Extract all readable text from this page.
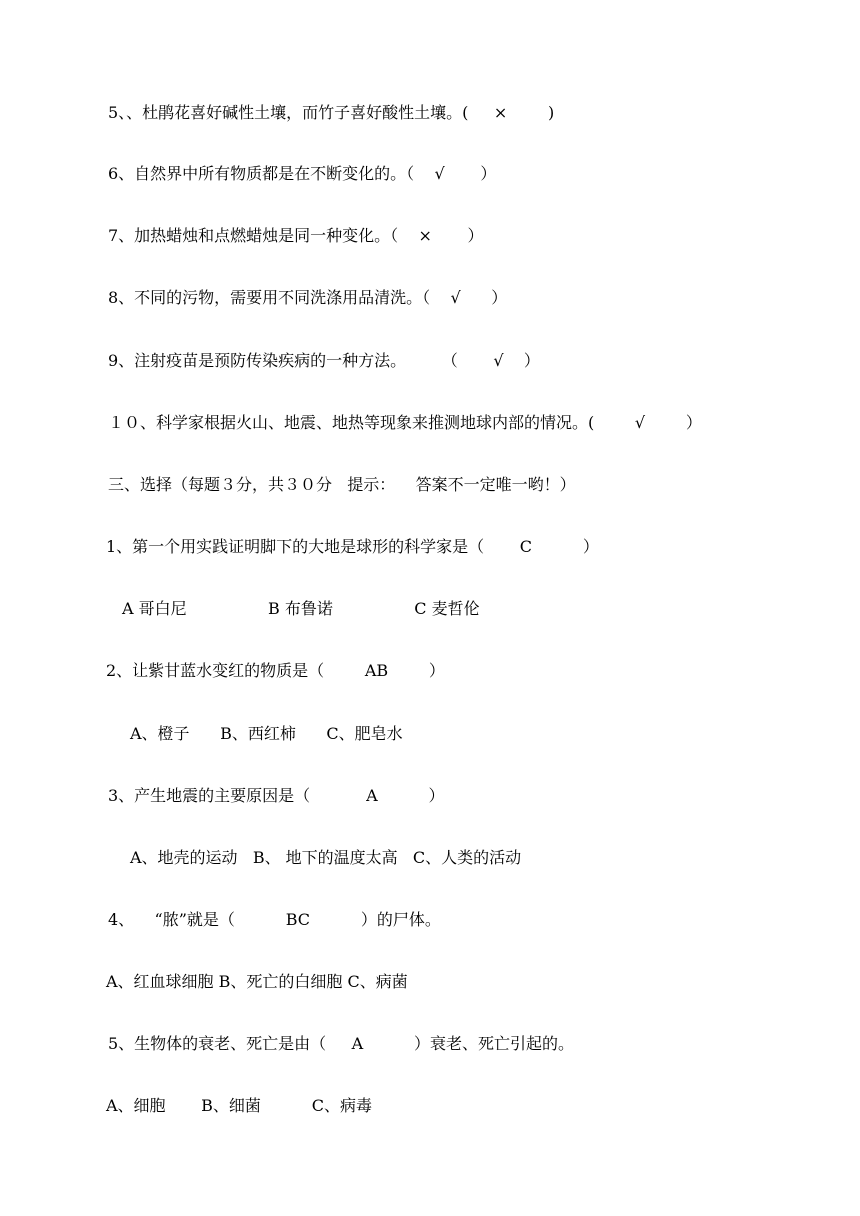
5、、杜鹃花喜好碱性土壤，而竹子喜好酸性土壤。(     ×        )
6、自然界中所有物质都是在不断变化的。（    √       ）
7、加热蜡烛和点燃蜡烛是同一种变化。（    ×       ）
8、不同的污物，需要用不同洗涤用品清洗。（    √      ）
9、注射疫苗是预防传染疾病的一种方法。       （       √    ）
１０、科学家根据火山、地震、地热等现象来推测地球内部的情况。(        √        ）
三、选择（每题３分，共３０分   提示：    答案不一定唯一哟！）
1、第一个用实践证明脚下的大地是球形的科学家是（       C          ）
A 哥白尼                B 布鲁诺                C 麦哲伦
2、让紫甘蓝水变红的物质是（        AB        ）
A、橙子      B、西红柿      C、肥皂水
3、产生地震的主要原因是（           A          ）
A、地壳的运动   B、 地下的温度太高   C、人类的活动
4、    “脓”就是（          BC          ）的尸体。
A、红血球细胞 B、死亡的白细胞 C、病菌
5、生物体的衰老、死亡是由（     A          ）衰老、死亡引起的。
A、细胞       B、细菌          C、病毒
